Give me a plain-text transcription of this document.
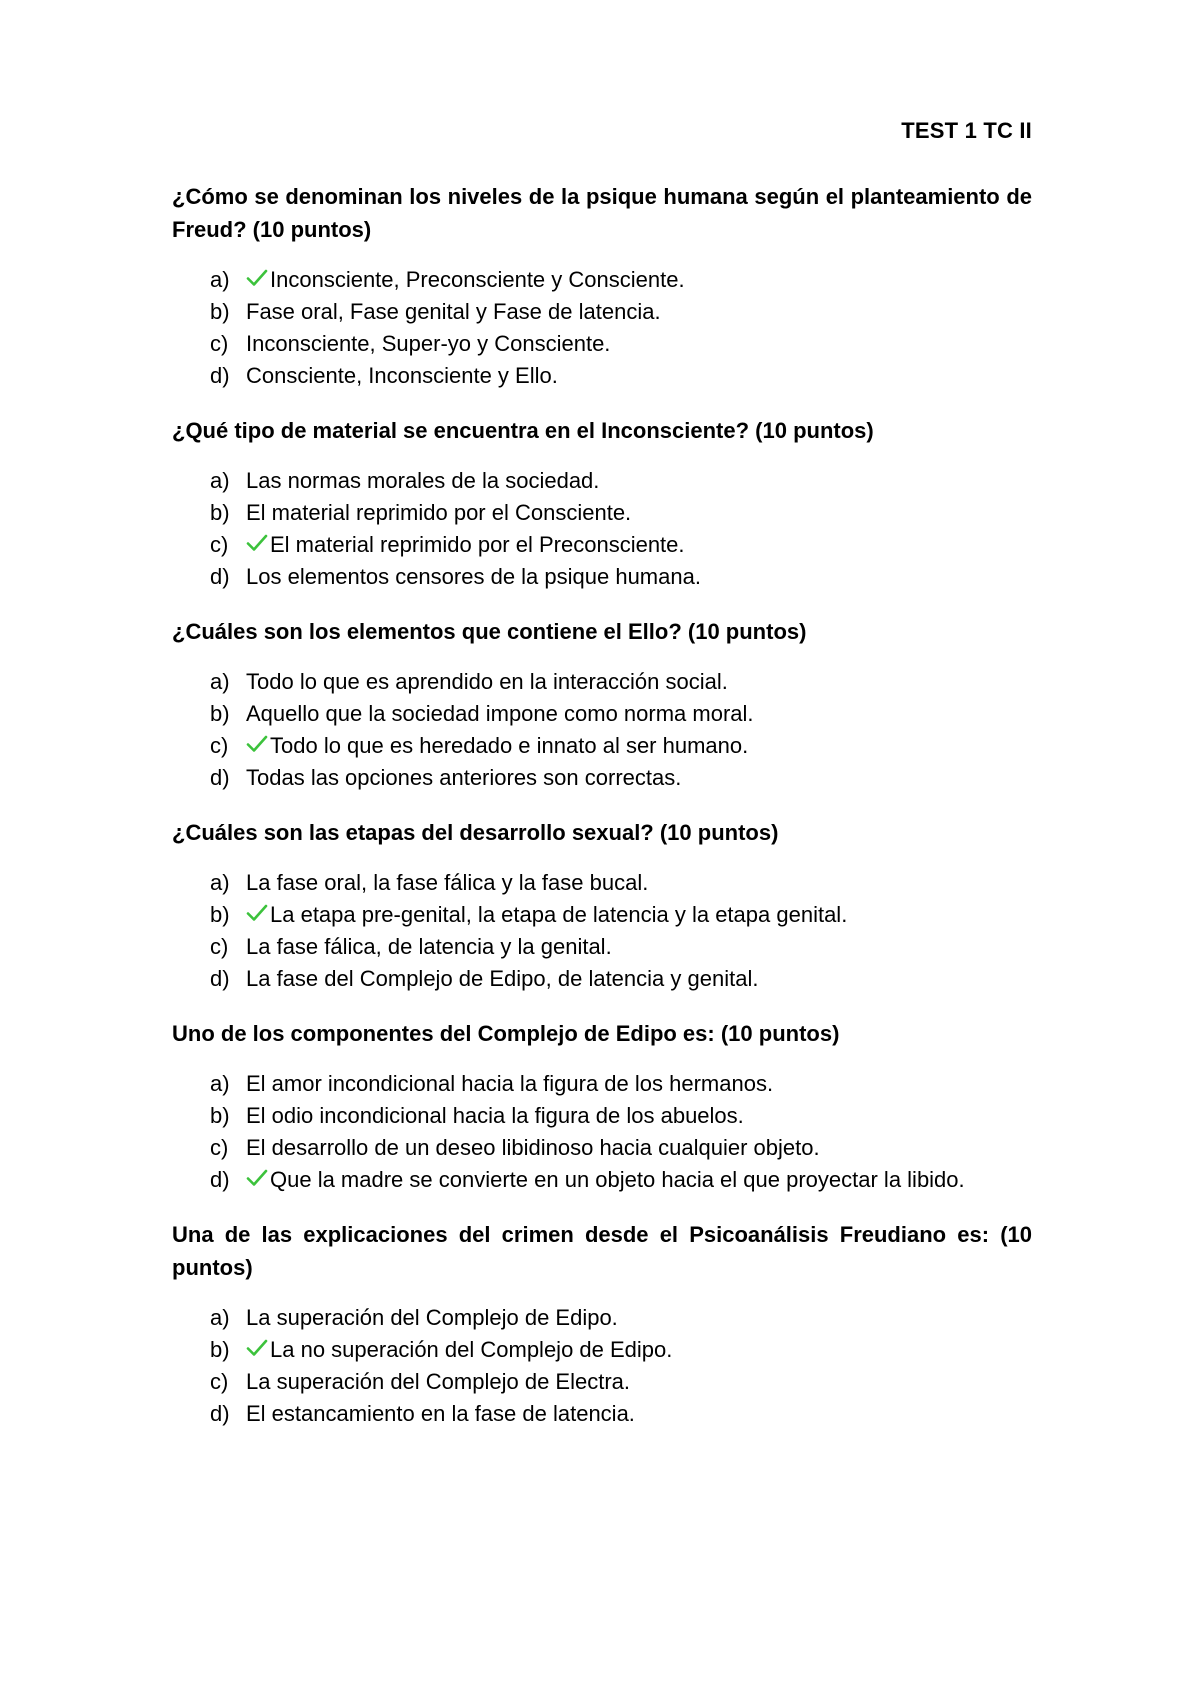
TEST 1 TC II
¿Cómo se denominan los niveles de la psique humana según el planteamiento de Freud? (10 puntos)
a)	Inconsciente, Preconsciente y Consciente.
b) Fase oral, Fase genital y Fase de latencia.
c) Inconsciente, Super-yo y Consciente.
d) Consciente, Inconsciente y Ello.
¿Qué tipo de material se encuentra en el Inconsciente? (10 puntos)
a) Las normas morales de la sociedad.
b) El material reprimido por el Consciente.
c)	El material reprimido por el Preconsciente.
d) Los elementos censores de la psique humana.
¿Cuáles son los elementos que contiene el Ello? (10 puntos)
a) Todo lo que es aprendido en la interacción social.
b) Aquello que la sociedad impone como norma moral.
c)	Todo lo que es heredado e innato al ser humano.
d) Todas las opciones anteriores son correctas.
¿Cuáles son las etapas del desarrollo sexual? (10 puntos)
a) La fase oral, la fase fálica y la fase bucal.
b)	La etapa pre-genital, la etapa de latencia y la etapa genital.
c) La fase fálica, de latencia y la genital.
d) La fase del Complejo de Edipo, de latencia y genital.
Uno de los componentes del Complejo de Edipo es: (10 puntos)
a) El amor incondicional hacia la figura de los hermanos.
b) El odio incondicional hacia la figura de los abuelos.
c) El desarrollo de un deseo libidinoso hacia cualquier objeto.
d)	Que la madre se convierte en un objeto hacia el que proyectar la libido.
Una de las explicaciones del crimen desde el Psicoanálisis Freudiano es: (10 puntos)
a) La superación del Complejo de Edipo.
b)	La no superación del Complejo de Edipo.
c) La superación del Complejo de Electra.
d) El estancamiento en la fase de latencia.
